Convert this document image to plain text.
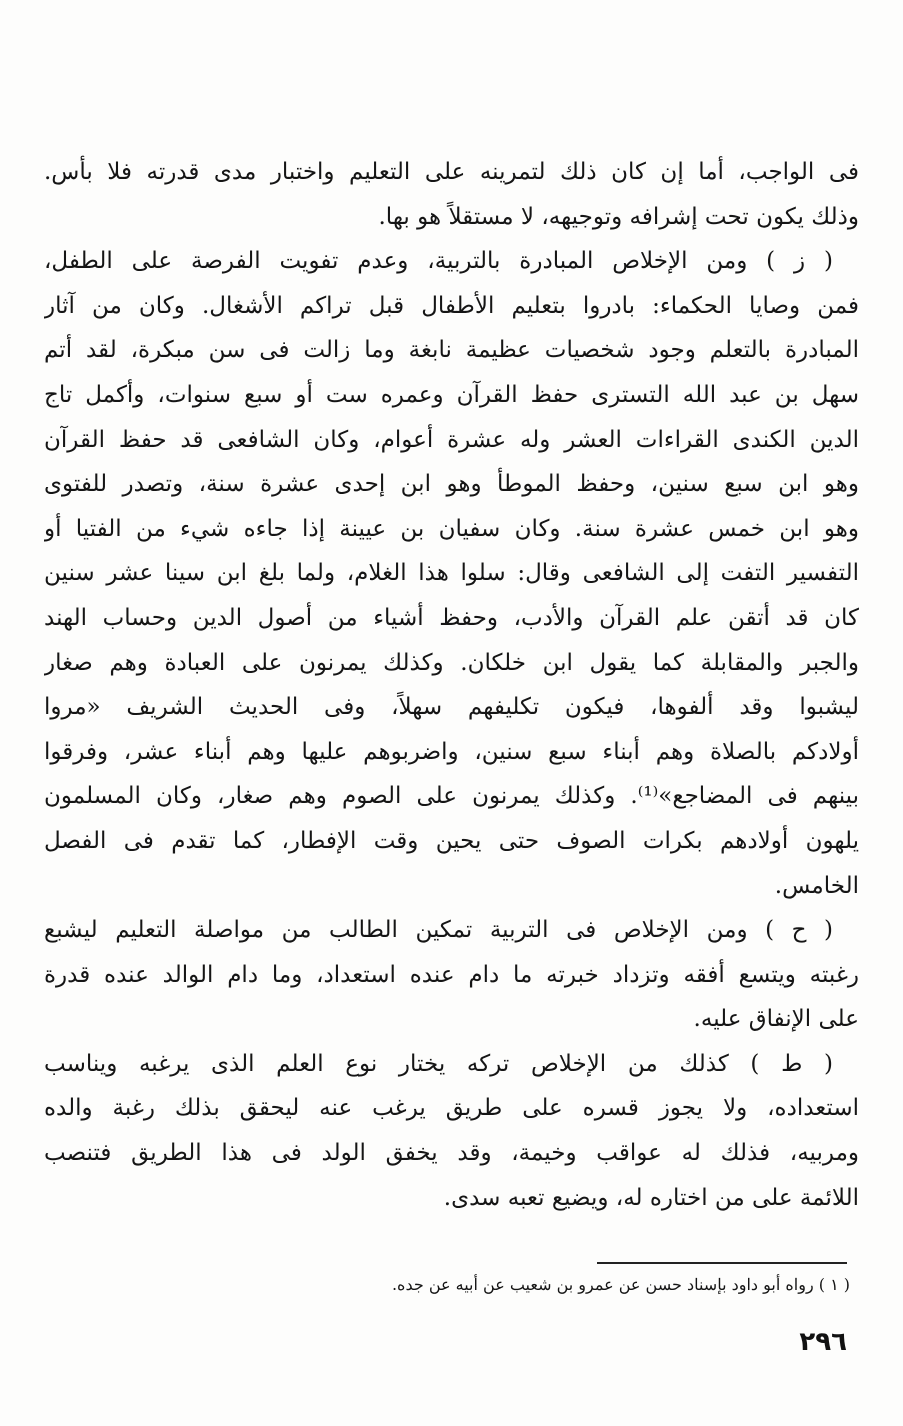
فى الواجب، أما إن كان ذلك لتمرينه على التعليم واختبار مدى قدرته فلا بأس.
وذلك يكون تحت إشرافه وتوجيهه، لا مستقلاً هو بها.
( ز ) ومن الإخلاص المبادرة بالتربية، وعدم تفويت الفرصة على الطفل،
فمن وصايا الحكماء: بادروا بتعليم الأطفال قبل تراكم الأشغال. وكان من آثار
المبادرة بالتعلم وجود شخصيات عظيمة نابغة وما زالت فى سن مبكرة، لقد أتم
سهل بن عبد الله التسترى حفظ القرآن وعمره ست أو سبع سنوات، وأكمل تاج
الدين الكندى القراءات العشر وله عشرة أعوام، وكان الشافعى قد حفظ القرآن
وهو ابن سبع سنين، وحفظ الموطأ وهو ابن إحدى عشرة سنة، وتصدر للفتوى
وهو ابن خمس عشرة سنة. وكان سفيان بن عيينة إذا جاءه شيء من الفتيا أو
التفسير التفت إلى الشافعى وقال: سلوا هذا الغلام، ولما بلغ ابن سينا عشر سنين
كان قد أتقن علم القرآن والأدب، وحفظ أشياء من أصول الدين وحساب الهند
والجبر والمقابلة كما يقول ابن خلكان. وكذلك يمرنون على العبادة وهم صغار
ليشبوا وقد ألفوها، فيكون تكليفهم سهلاً، وفى الحديث الشريف «مروا
أولادكم بالصلاة وهم أبناء سبع سنين، واضربوهم عليها وهم أبناء عشر، وفرقوا
بينهم فى المضاجع»⁽¹⁾. وكذلك يمرنون على الصوم وهم صغار، وكان المسلمون
يلهون أولادهم بكرات الصوف حتى يحين وقت الإفطار، كما تقدم فى الفصل
الخامس.
( ح ) ومن الإخلاص فى التربية تمكين الطالب من مواصلة التعليم ليشبع
رغبته ويتسع أفقه وتزداد خبرته ما دام عنده استعداد، وما دام الوالد عنده قدرة
على الإنفاق عليه.
( ط ) كذلك من الإخلاص تركه يختار نوع العلم الذى يرغبه ويناسب
استعداده، ولا يجوز قسره على طريق يرغب عنه ليحقق بذلك رغبة والده
ومربيه، فذلك له عواقب وخيمة، وقد يخفق الولد فى هذا الطريق فتنصب
اللائمة على من اختاره له، ويضيع تعبه سدى.
( ١ ) رواه أبو داود بإسناد حسن عن عمرو بن شعيب عن أبيه عن جده.
٢٩٦
